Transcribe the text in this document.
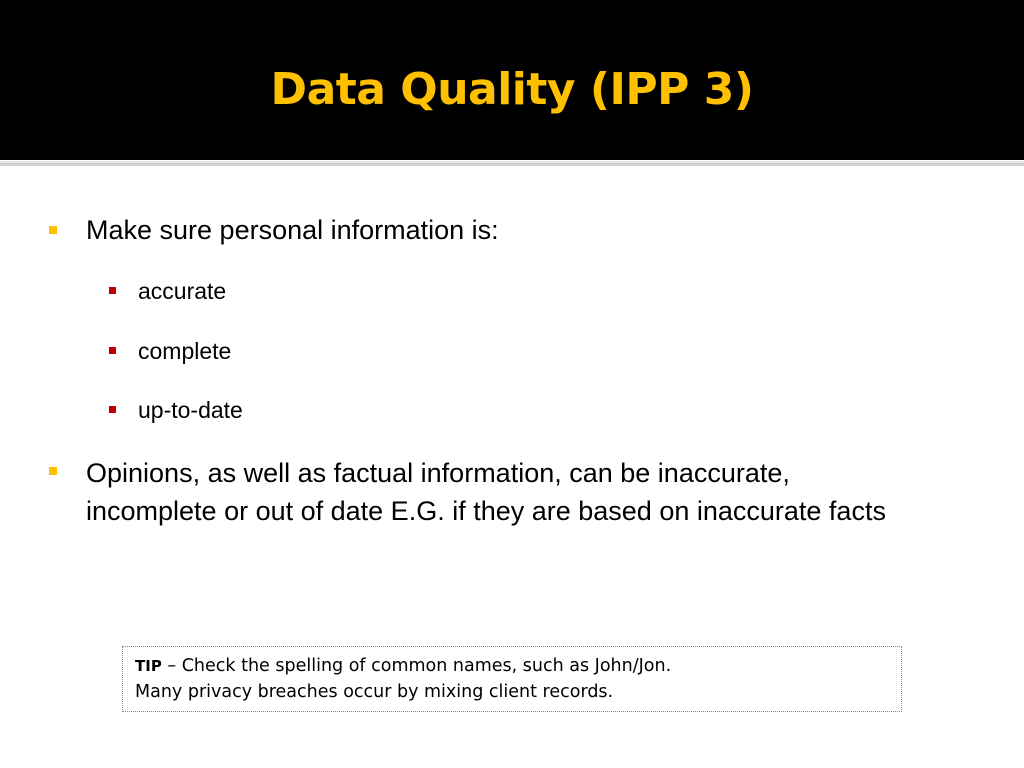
Data Quality (IPP 3)

Make sure personal information is:

accurate

complete

up-to-date

Opinions, as well as factual information, can be inaccurate,

incomplete or out of date E.G. if they are based on inaccurate facts

TIP – Check the spelling of common names, such as John/Jon.
Many privacy breaches occur by mixing client records.
